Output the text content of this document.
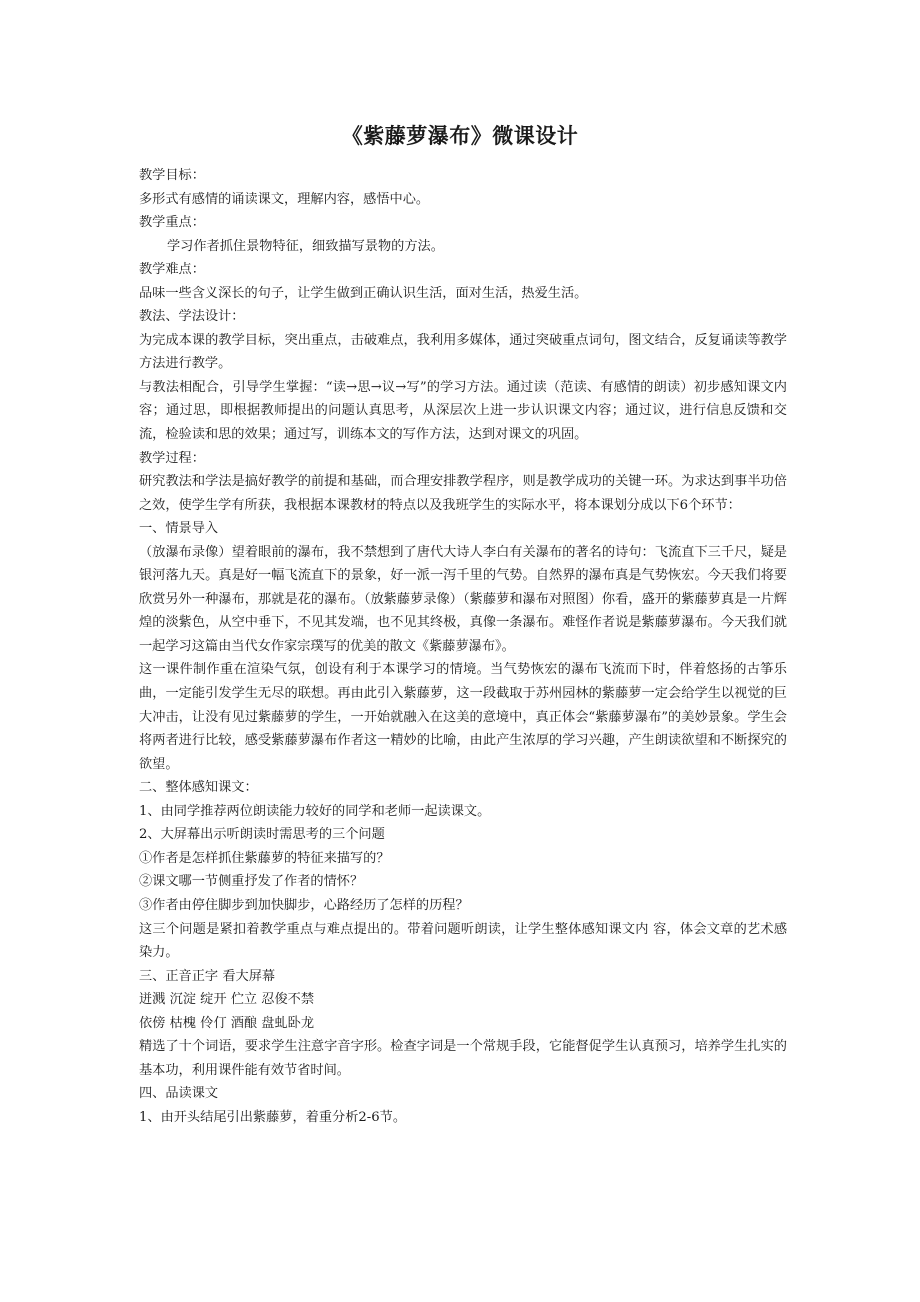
《紫藤萝瀑布》微课设计

教学目标：

多形式有感情的诵读课文，理解内容，感悟中心。

教学重点：

学习作者抓住景物特征，细致描写景物的方法。

教学难点：

品味一些含义深长的句子，让学生做到正确认识生活，面对生活，热爱生活。

教法、学法设计：

为完成本课的教学目标，突出重点，击破难点，我利用多媒体，通过突破重点词句，图文结合，反复诵读等教学方法进行教学。

与教法相配合，引导学生掌握：“读→思→议→写”的学习方法。通过读（范读、有感情的朗读）初步感知课文内容；通过思，即根据教师提出的问题认真思考，从深层次上进一步认识课文内容；通过议，进行信息反馈和交流，检验读和思的效果；通过写，训练本文的写作方法，达到对课文的巩固。

教学过程：

研究教法和学法是搞好教学的前提和基础，而合理安排教学程序，则是教学成功的关键一环。为求达到事半功倍之效，使学生学有所获，我根据本课教材的特点以及我班学生的实际水平，将本课划分成以下6个环节：

一、情景导入

（放瀑布录像）望着眼前的瀑布，我不禁想到了唐代大诗人李白有关瀑布的著名的诗句：飞流直下三千尺，疑是银河落九天。真是好一幅飞流直下的景象，好一派一泻千里的气势。自然界的瀑布真是气势恢宏。今天我们将要欣赏另外一种瀑布，那就是花的瀑布。（放紫藤萝录像）（紫藤萝和瀑布对照图）你看，盛开的紫藤萝真是一片辉煌的淡紫色，从空中垂下，不见其发端，也不见其终极，真像一条瀑布。难怪作者说是紫藤萝瀑布。今天我们就一起学习这篇由当代女作家宗璞写的优美的散文《紫藤萝瀑布》。

这一课件制作重在渲染气氛，创设有利于本课学习的情境。当气势恢宏的瀑布飞流而下时，伴着悠扬的古筝乐曲，一定能引发学生无尽的联想。再由此引入紫藤萝，这一段截取于苏州园林的紫藤萝一定会给学生以视觉的巨大冲击，让没有见过紫藤萝的学生，一开始就融入在这美的意境中，真正体会“紫藤萝瀑布”的美妙景象。学生会将两者进行比较，感受紫藤萝瀑布作者这一精妙的比喻，由此产生浓厚的学习兴趣，产生朗读欲望和不断探究的欲望。

二、整体感知课文：

1、由同学推荐两位朗读能力较好的同学和老师一起读课文。

2、大屏幕出示听朗读时需思考的三个问题

①作者是怎样抓住紫藤萝的特征来描写的？

②课文哪一节侧重抒发了作者的情怀？

③作者由停住脚步到加快脚步，心路经历了怎样的历程？

这三个问题是紧扣着教学重点与难点提出的。带着问题听朗读，让学生整体感知课文内 容，体会文章的艺术感染力。

三、正音正字 看大屏幕

迸溅 沉淀 绽开 伫立 忍俊不禁

依傍 枯槐 伶仃 酒酿 盘虬卧龙

精选了十个词语，要求学生注意字音字形。检查字词是一个常规手段，它能督促学生认真预习，培养学生扎实的基本功，利用课件能有效节省时间。

四、品读课文

1、由开头结尾引出紫藤萝，着重分析2-6节。
